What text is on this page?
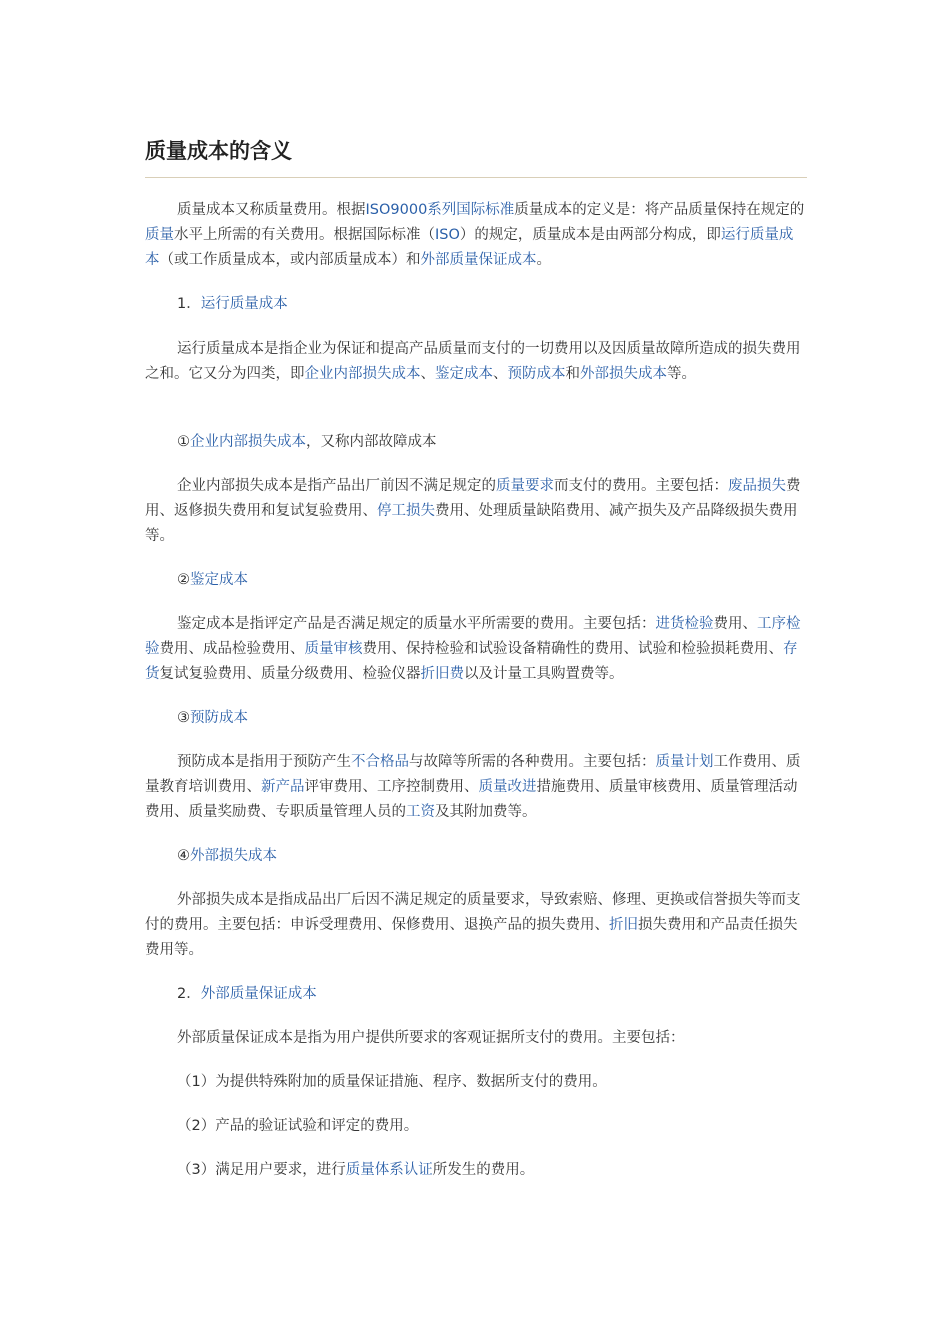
质量成本的含义

质量成本又称质量费用。根据ISO9000系列国际标准质量成本的定义是：将产品质量保持在规定的质量水平上所需的有关费用。根据国际标准（ISO）的规定，质量成本是由两部分构成，即运行质量成本（或工作质量成本，或内部质量成本）和外部质量保证成本。

1．运行质量成本

运行质量成本是指企业为保证和提高产品质量而支付的一切费用以及因质量故障所造成的损失费用之和。它又分为四类，即企业内部损失成本、鉴定成本、预防成本和外部损失成本等。

①企业内部损失成本，又称内部故障成本

企业内部损失成本是指产品出厂前因不满足规定的质量要求而支付的费用。主要包括：废品损失费用、返修损失费用和复试复验费用、停工损失费用、处理质量缺陷费用、减产损失及产品降级损失费用等。

②鉴定成本

鉴定成本是指评定产品是否满足规定的质量水平所需要的费用。主要包括：进货检验费用、工序检验费用、成品检验费用、质量审核费用、保持检验和试验设备精确性的费用、试验和检验损耗费用、存货复试复验费用、质量分级费用、检验仪器折旧费以及计量工具购置费等。

③预防成本

预防成本是指用于预防产生不合格品与故障等所需的各种费用。主要包括：质量计划工作费用、质量教育培训费用、新产品评审费用、工序控制费用、质量改进措施费用、质量审核费用、质量管理活动费用、质量奖励费、专职质量管理人员的工资及其附加费等。

④外部损失成本

外部损失成本是指成品出厂后因不满足规定的质量要求，导致索赔、修理、更换或信誉损失等而支付的费用。主要包括：申诉受理费用、保修费用、退换产品的损失费用、折旧损失费用和产品责任损失费用等。

2．外部质量保证成本

外部质量保证成本是指为用户提供所要求的客观证据所支付的费用。主要包括：

（1）为提供特殊附加的质量保证措施、程序、数据所支付的费用。

（2）产品的验证试验和评定的费用。

（3）满足用户要求，进行质量体系认证所发生的费用。
